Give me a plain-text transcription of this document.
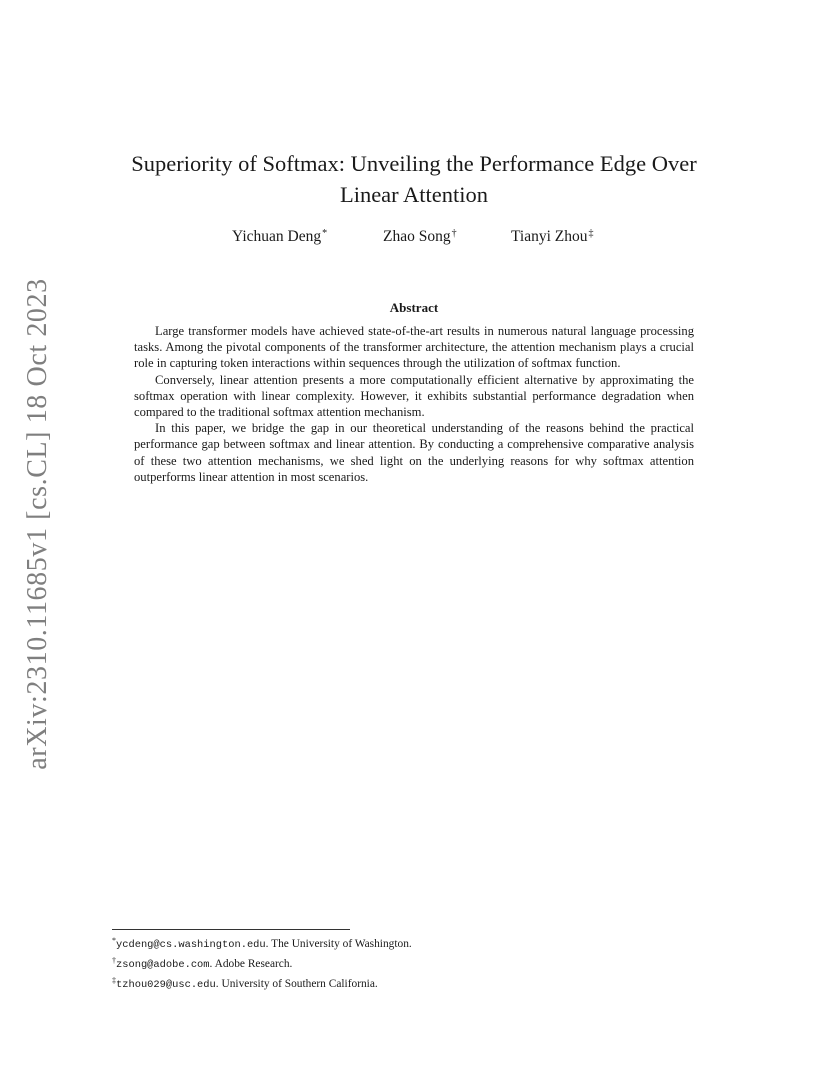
arXiv:2310.11685v1 [cs.CL] 18 Oct 2023
Superiority of Softmax: Unveiling the Performance Edge Over Linear Attention
Yichuan Deng*	Zhao Song†	Tianyi Zhou‡
Abstract

Large transformer models have achieved state-of-the-art results in numerous natural language processing tasks. Among the pivotal components of the transformer architecture, the attention mechanism plays a crucial role in capturing token interactions within sequences through the utilization of softmax function.

Conversely, linear attention presents a more computationally efficient alternative by approximating the softmax operation with linear complexity. However, it exhibits substantial performance degradation when compared to the traditional softmax attention mechanism.

In this paper, we bridge the gap in our theoretical understanding of the reasons behind the practical performance gap between softmax and linear attention. By conducting a comprehensive comparative analysis of these two attention mechanisms, we shed light on the underlying reasons for why softmax attention outperforms linear attention in most scenarios.

*ycdeng@cs.washington.edu. The University of Washington.
†zsong@adobe.com. Adobe Research.
‡tzhou029@usc.edu. University of Southern California.
